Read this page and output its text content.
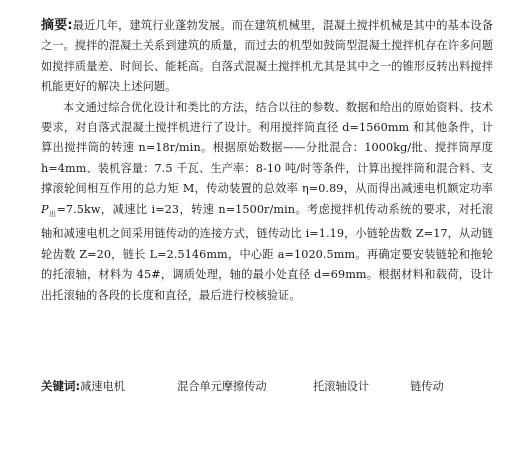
摘要:最近几年，建筑行业蓬勃发展。而在建筑机械里，混凝土搅拌机械是其中的基本设备之一。搅拌的混凝土关系到建筑的质量，而过去的机型如鼓筒型混凝土搅拌机存在许多问题如搅拌质量差、时间长、能耗高。自落式混凝土搅拌机尤其是其中之一的锥形反转出料搅拌机能更好的解决上述问题。

本文通过综合优化设计和类比的方法，结合以往的参数、数据和给出的原始资料、技术要求，对自落式混凝土搅拌机进行了设计。利用搅拌筒直径 d=1560mm 和其他条件，计算出搅拌筒的转速 n=18r/min。根据原始数据——分批混合：1000kg/批、搅拌筒厚度 h=4mm、装机容量：7.5 千瓦、生产率：8-10 吨/时等条件，计算出搅拌筒和混合料、支撑滚轮间相互作用的总力矩 M，传动装置的总效率 η=0.89，从而得出减速电机额定功率 $P_出=7.5kw$，减速比 i=23，转速 n=1500r/min。考虑搅拌机传动系统的要求，对托滚轴和减速电机之间采用链传动的连接方式，链传动比 i=1.19，小链轮齿数 Z=17，从动链轮齿数 Z=20，链长 L=2.5146mm，中心距 a=1020.5mm。再确定要安装链轮和拖轮的托滚轴，材料为 45#，调质处理，轴的最小处直径 d=69mm。根据材料和载荷，设计出托滚轴的各段的长度和直径，最后进行校核验证。

关键词: 减速电机	混合单元摩擦传动	托滚轴设计	链传动
